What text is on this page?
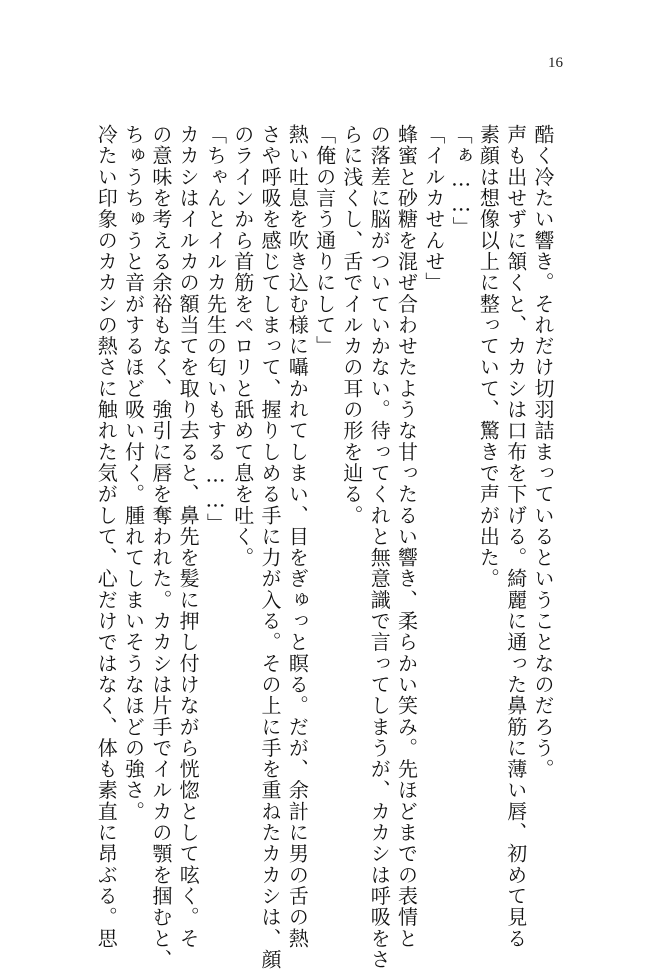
16
酷く冷たい響き。それだけ切羽詰まっているということなのだろう。
声も出せずに頷くと、カカシは口布を下げる。綺麗に通った鼻筋に薄い唇、初めて見る
素顔は想像以上に整っていて、驚きで声が出た。
「ぁ……」
「イルカせんせ」
蜂蜜と砂糖を混ぜ合わせたような甘ったるい響き、柔らかい笑み。先ほどまでの表情と
の落差に脳がついていかない。待ってくれと無意識で言ってしまうが、カカシは呼吸をさ
らに浅くし、舌でイルカの耳の形を辿る。
「俺の言う通りにして」
熱い吐息を吹き込む様に囁かれてしまい、目をぎゅっと瞑る。だが、余計に男の舌の熱
さや呼吸を感じてしまって、握りしめる手に力が入る。その上に手を重ねたカカシは、顔
のラインから首筋をペロリと舐めて息を吐く。
「ちゃんとイルカ先生の匂いもする……」
カカシはイルカの額当てを取り去ると、鼻先を髪に押し付けながら恍惚として呟く。そ
の意味を考える余裕もなく、強引に唇を奪われた。カカシは片手でイルカの顎を掴むと、
ちゅうちゅうと音がするほど吸い付く。腫れてしまいそうなほどの強さ。
冷たい印象のカカシの熱さに触れた気がして、心だけではなく、体も素直に昂ぶる。思
